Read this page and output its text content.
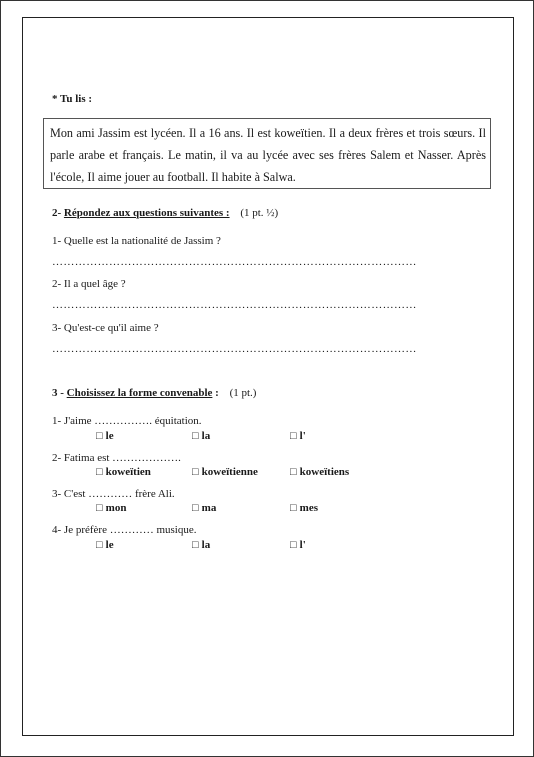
* Tu lis :
Mon ami Jassim est lycéen. Il a 16 ans. Il est koweïtien. Il a deux frères et trois sœurs. Il parle arabe et français. Le matin, il va au lycée avec ses frères Salem et Nasser. Après l'école, Il aime jouer au football. Il habite à Salwa.
2- Répondez aux questions suivantes : (1 pt. ½)
1- Quelle est la nationalité de Jassim ?
……………………………………………………………………………………
2- Il a quel âge ?
……………………………………………………………………………………
3- Qu'est-ce qu'il aime ?
……………………………………………………………………………………
3 - Choisissez la forme convenable : (1 pt.)
1- J'aime ……………. équitation.
□ le	□ la	□ l'
2- Fatima est ……………….
□ koweïtien	□ koweïtienne	□ koweïtiens
3- C'est ………… frère Ali.
□ mon	□ ma	□ mes
4- Je préfère ………… musique.
□ le	□ la	□ l'
